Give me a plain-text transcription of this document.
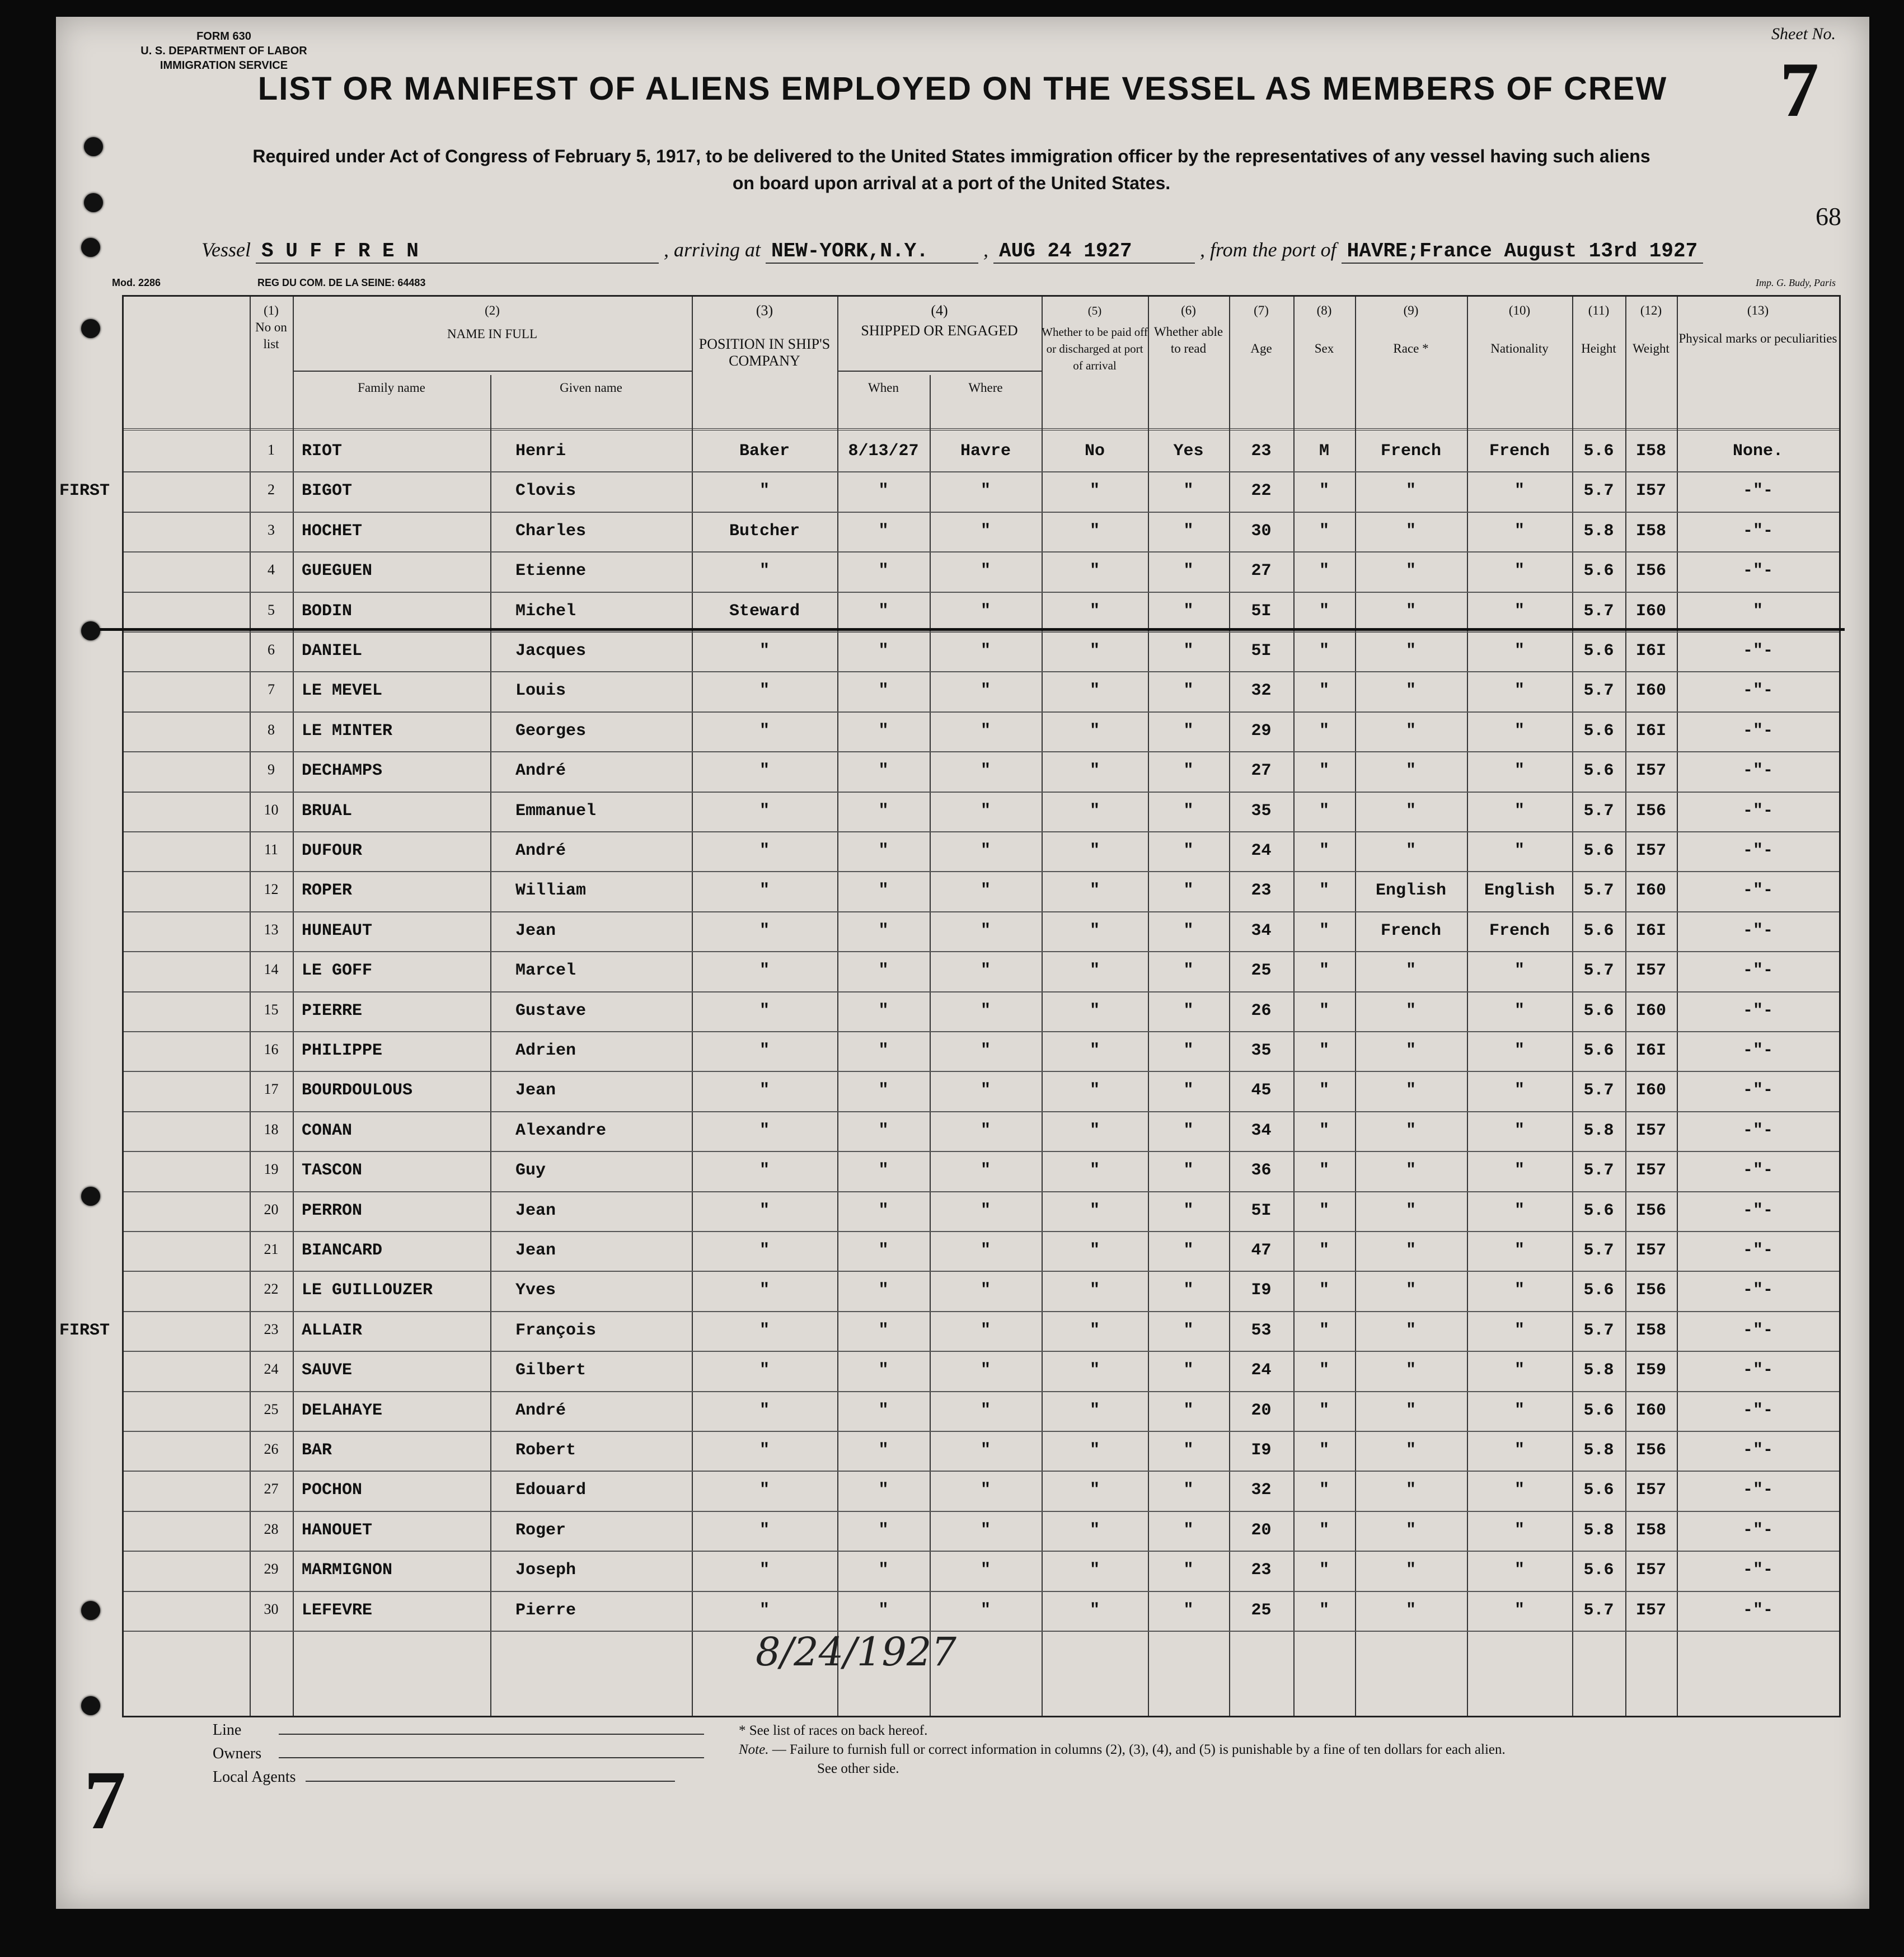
FORM 630
U. S. DEPARTMENT OF LABOR
IMMIGRATION SERVICE
Sheet No.
7
LIST OR MANIFEST OF ALIENS EMPLOYED ON THE VESSEL AS MEMBERS OF CREW
Required under Act of Congress of February 5, 1917, to be delivered to the United States immigration officer by the representatives of any vessel having such aliens
on board upon arrival at a port of the United States.
68
Vessel S U F F R E N	, arriving at NEW-YORK,N.Y.	, AUG 24 1927	, from the port of HAVRE;France August 13rd 1927
Mod. 2286	REG DU COM. DE LA SEINE: 64483	Imp. G. Budy, Paris
(1)
No on list
(2)
NAME IN FULL
Family name	Given name
(3)
POSITION IN SHIP'S COMPANY
(4)
SHIPPED OR ENGAGED
When	Where
(5)
Whether to be paid off or discharged at port of arrival
(6)
Whether able to read
(7)
Age
(8)
Sex
(9)
Race *
(10)
Nationality
(11)
Height
(12)
Weight
(13)
Physical marks or peculiarities
1	RIOT	Henri	Baker	8/13/27	Havre	No	Yes	23	M	French	French	5.6	I58	None.
FIRST	2	BIGOT	Clovis	"	"	"	"	"	22	"	"	"	5.7	I57	-"-
3	HOCHET	Charles	Butcher	"	"	"	"	30	"	"	"	5.8	I58	-"-
4	GUEGUEN	Etienne	"	"	"	"	"	27	"	"	"	5.6	I56	-"-
5	BODIN	Michel	Steward	"	"	"	"	5I	"	"	"	5.7	I60	"
6	DANIEL	Jacques	"	"	"	"	"	5I	"	"	"	5.6	I6I	-"-
7	LE MEVEL	Louis	"	"	"	"	"	32	"	"	"	5.7	I60	-"-
8	LE MINTER	Georges	"	"	"	"	"	29	"	"	"	5.6	I6I	-"-
9	DECHAMPS	André	"	"	"	"	"	27	"	"	"	5.6	I57	-"-
10	BRUAL	Emmanuel	"	"	"	"	"	35	"	"	"	5.7	I56	-"-
11	DUFOUR	André	"	"	"	"	"	24	"	"	"	5.6	I57	-"-
12	ROPER	William	"	"	"	"	"	23	"	English	English	5.7	I60	-"-
13	HUNEAUT	Jean	"	"	"	"	"	34	"	French	French	5.6	I6I	-"-
14	LE GOFF	Marcel	"	"	"	"	"	25	"	"	"	5.7	I57	-"-
15	PIERRE	Gustave	"	"	"	"	"	26	"	"	"	5.6	I60	-"-
16	PHILIPPE	Adrien	"	"	"	"	"	35	"	"	"	5.6	I6I	-"-
17	BOURDOULOUS	Jean	"	"	"	"	"	45	"	"	"	5.7	I60	-"-
18	CONAN	Alexandre	"	"	"	"	"	34	"	"	"	5.8	I57	-"-
19	TASCON	Guy	"	"	"	"	"	36	"	"	"	5.7	I57	-"-
20	PERRON	Jean	"	"	"	"	"	5I	"	"	"	5.6	I56	-"-
21	BIANCARD	Jean	"	"	"	"	"	47	"	"	"	5.7	I57	-"-
22	LE GUILLOUZER	Yves	"	"	"	"	"	I9	"	"	"	5.6	I56	-"-
FIRST	23	ALLAIR	François	"	"	"	"	"	53	"	"	"	5.7	I58	-"-
24	SAUVE	Gilbert	"	"	"	"	"	24	"	"	"	5.8	I59	-"-
25	DELAHAYE	André	"	"	"	"	"	20	"	"	"	5.6	I60	-"-
26	BAR	Robert	"	"	"	"	"	I9	"	"	"	5.8	I56	-"-
27	POCHON	Edouard	"	"	"	"	"	32	"	"	"	5.6	I57	-"-
28	HANOUET	Roger	"	"	"	"	"	20	"	"	"	5.8	I58	-"-
29	MARMIGNON	Joseph	"	"	"	"	"	23	"	"	"	5.6	I57	-"-
30	LEFEVRE	Pierre	"	"	"	"	"	25	"	"	"	5.7	I57	-"-
8/24/1927
Line
Owners
Local Agents
* See list of races on back hereof.
Note. — Failure to furnish full or correct information in columns (2), (3), (4), and (5) is punishable by a fine of ten dollars for each alien.
See other side.
7
